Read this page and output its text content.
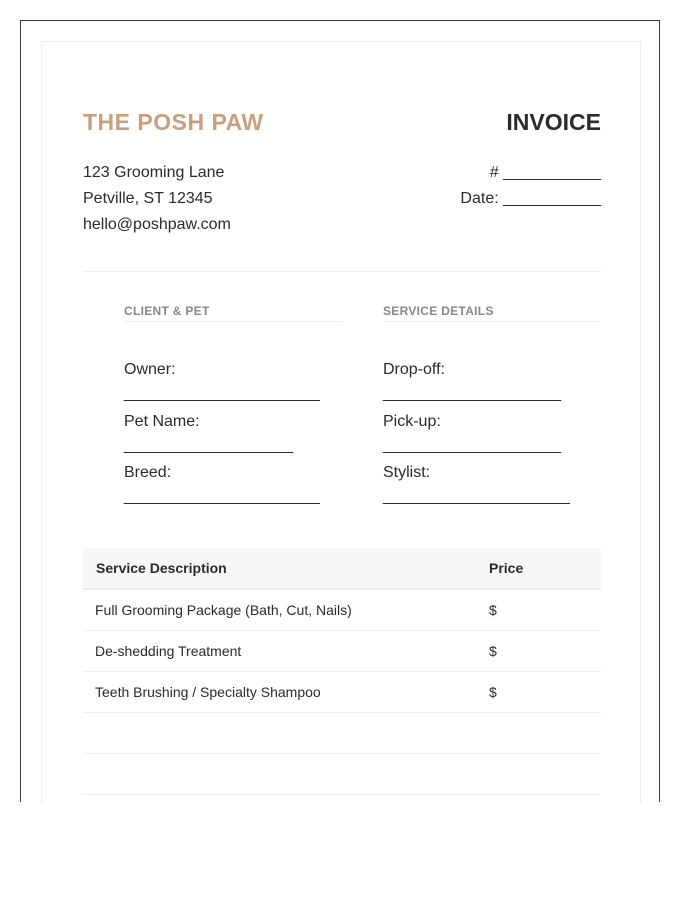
THE POSH PAW	INVOICE
123 Grooming Lane
Petville, ST 12345
hello@poshpaw.com
# ___________
Date: ___________
CLIENT & PET
Owner:
______________________
Pet Name:
___________________
Breed:
______________________
SERVICE DETAILS
Drop-off:
____________________
Pick-up:
____________________
Stylist:
_____________________
Service Description	Price
Full Grooming Package (Bath, Cut, Nails)	$
De-shedding Treatment	$
Teeth Brushing / Specialty Shampoo	$
